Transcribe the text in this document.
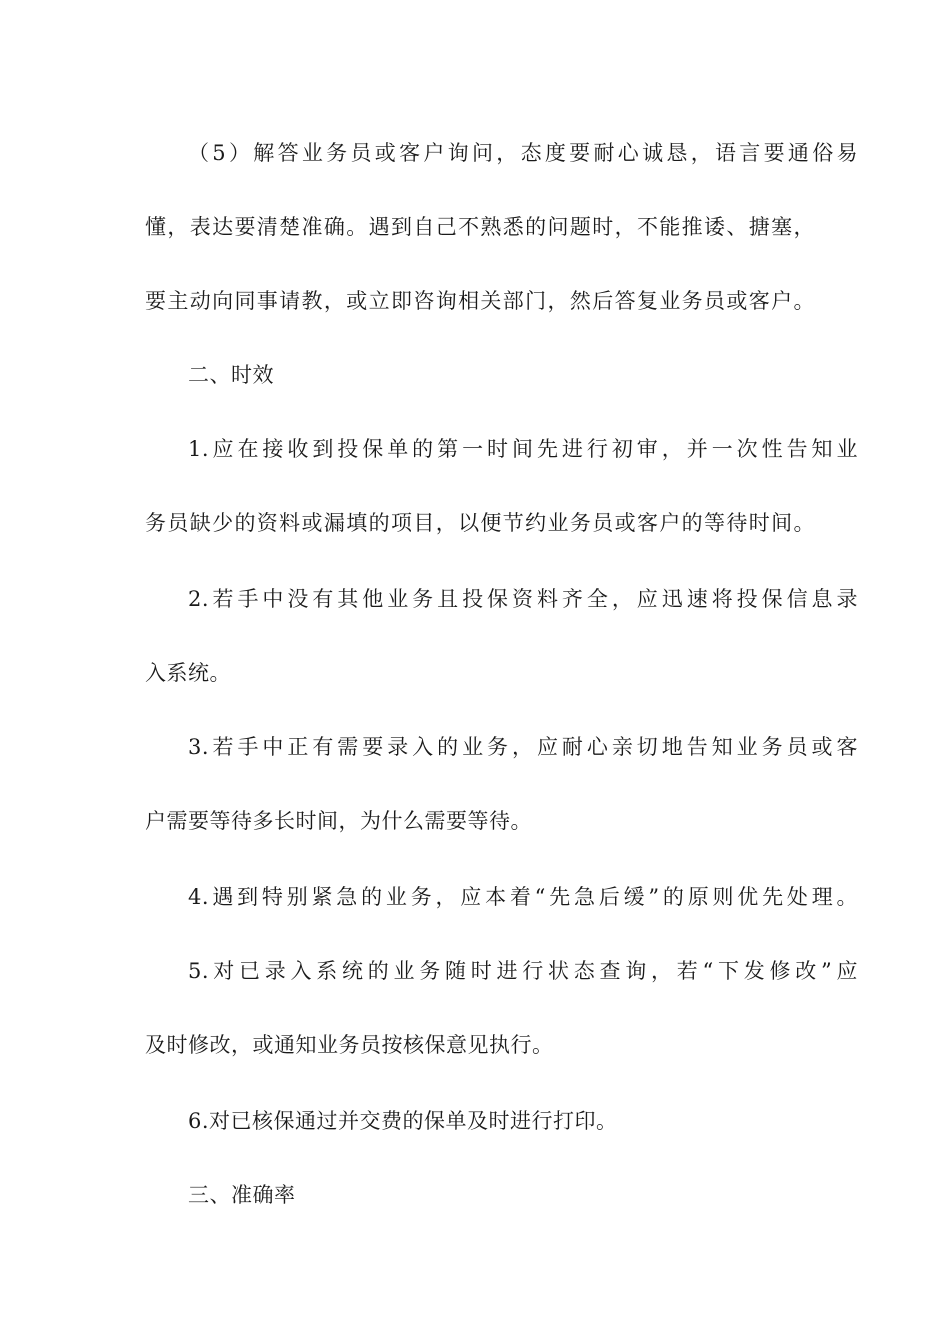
（5）解答业务员或客户询问，态度要耐心诚恳，语言要通俗易
懂，表达要清楚准确。遇到自己不熟悉的问题时，不能推诿、搪塞，
要主动向同事请教，或立即咨询相关部门，然后答复业务员或客户。
二、时效
1.应在接收到投保单的第一时间先进行初审，并一次性告知业
务员缺少的资料或漏填的项目，以便节约业务员或客户的等待时间。
2.若手中没有其他业务且投保资料齐全，应迅速将投保信息录
入系统。
3.若手中正有需要录入的业务，应耐心亲切地告知业务员或客
户需要等待多长时间，为什么需要等待。
4.遇到特别紧急的业务，应本着“先急后缓”的原则优先处理。
5.对已录入系统的业务随时进行状态查询，若“下发修改”应
及时修改，或通知业务员按核保意见执行。
6.对已核保通过并交费的保单及时进行打印。
三、准确率
